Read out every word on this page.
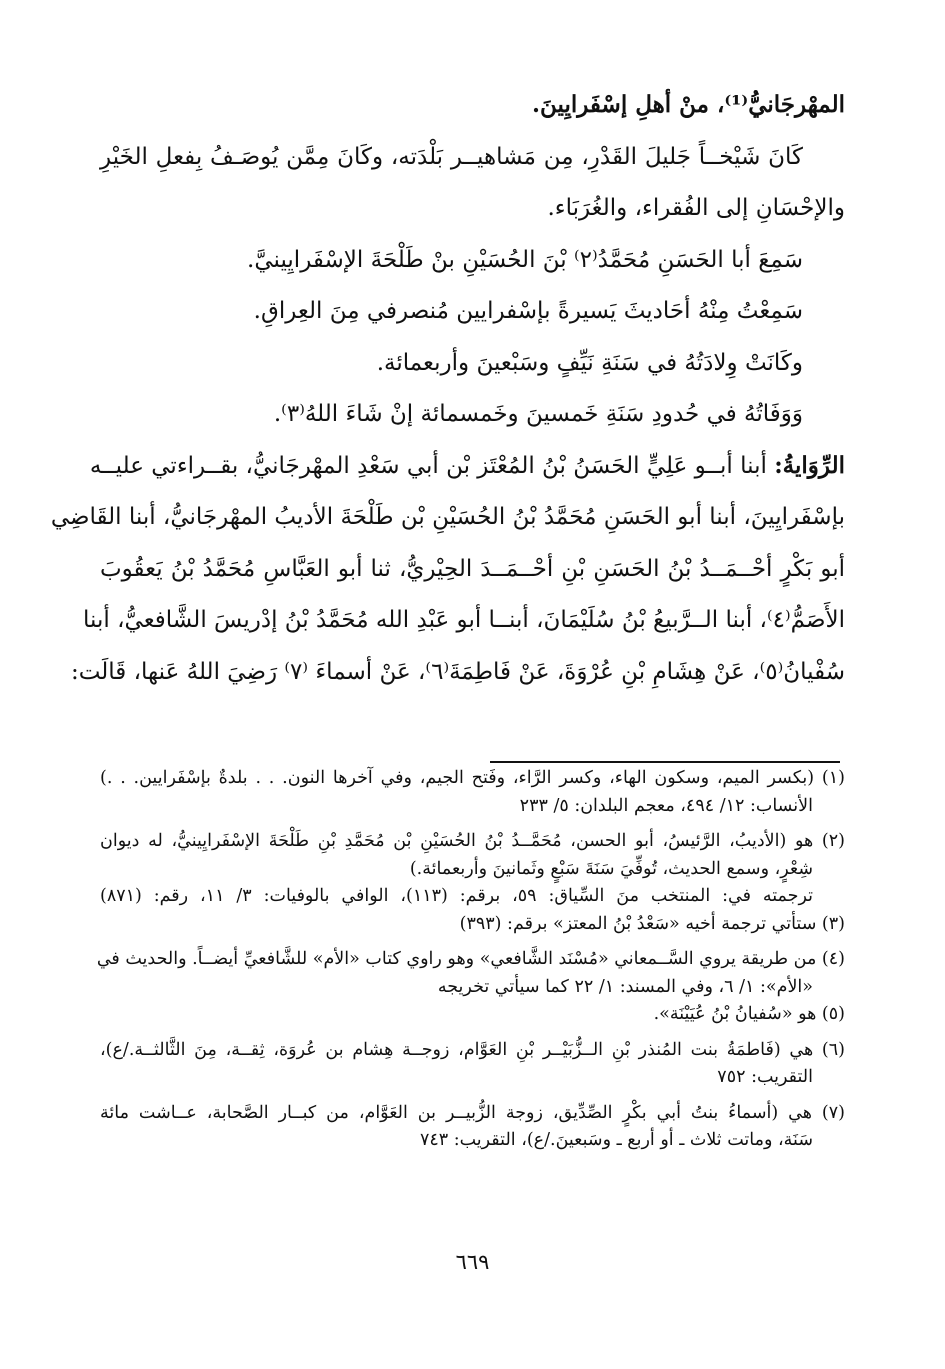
المهْرجَانيُّ⁽¹⁾، منْ أهلِ إسْفَرايِينَ.
كَانَ شَيْخــاً جَليلَ القَدْرِ، مِن مَشاهيــر بَلْدَته، وكَانَ مِمَّن يُوصَـفُ بِفعلِ الخَيْرِ
والإحْسَانِ إلى الفُقراء، والغُرَبَاء.
سَمِعَ أبا الحَسَنِ مُحَمَّدُ⁽٢⁾ بْنَ الحُسَيْنِ بنْ طَلْحَةَ الإسْفَرايِينيَّ.
سَمِعْتُ مِنْهُ أحَاديثَ يَسيرةً بإسْفرايين مُنصرفي مِنَ العِراقِ.
وكَانَتْ وِلادَتُهُ في سَنَةِ نَيِّفٍ وسَبْعينَ وأربعمائة.
وَوَفَاتُهُ في حُدودِ سَنَةِ خَمسينَ وخَمسمائة إنْ شَاءَ اللهُ⁽٣⁾.
الرِّوَايةُ: أبنا أبــو عَلِيٍّ الحَسَنُ بْنُ المُعْتَز بْن أبي سَعْدِ المهْرجَانيُّ، بقــراءتي عليــه
بإسْفَرايِينَ، أبنا أبو الحَسَنِ مُحَمَّدُ بْنُ الحُسَيْنِ بْن طَلْحَةَ الأديبُ المهْرجَانيُّ، أبنا القَاضِي
أبو بَكْرٍ أحْــمَــدُ بْنُ الحَسَنِ بْنِ أحْــمَــدَ الحِيْريُّ، ثنا أبو العَبَّاسِ مُحَمَّدُ بْنُ يَعقُوبَ
الأَصَمُّ⁽٤⁾، أبنا الــرَّبيعُ بْنُ سُلَيْمَانَ، أبنــا أبو عَبْدِ الله مُحَمَّدُ بْنُ إدْريسَ الشَّافعيُّ، أبنا
سُفْيانُ⁽٥⁾، عَنْ هِشَامِ بْنِ عُرْوَةَ، عَنْ فَاطِمَةَ⁽٦⁾، عَنْ أسماءَ ⁽٧⁾ رَضِيَ اللهُ عَنها، قَالَت:
(١) (بكسر الميم، وسكون الهاء، وكسر الرَّاء، وفَتح الجيم، وفي آخرها النون. . . بلدةٌ بإسْفَرايين. . .)
الأنساب: ١٢/ ٤٩٤، معجم البلدان: ٥/ ٢٣٣
(٢) هو (الأديبُ، الرَّئيسُ، أبو الحسن، مُحَمَّــدُ بْنُ الحُسَيْنِ بْن مُحَمَّدِ بْنِ طَلْحَةَ الإسْفَرايِينيُّ، له ديوان
شِعْرٍ، وسمع الحديث، تُوفِّيَ سَنَةَ سَبْعٍ وثَمانينَ وأربعمائة.)
ترجمته في: المنتخب منَ السِّياق: ٥٩، برقم: (١١٣)، الوافي بالوفيات: ٣/ ١١، رقم: (٨٧١)
(٣) ستأتي ترجمة أخيه «سَعْدُ بْنُ المعتز» برقم: (٣٩٣)
(٤) من طريقة يروي السَّــمعاني «مُسْنَد الشَّافعي» وهو راوي كتاب «الأم» للشَّافعيِّ أيضــاً. والحديث في
«الأم»: ١/ ٦، وفي المسند: ١/ ٢٢ كما سيأتي تخريجه
(٥) هو «سُفيانُ بْنُ عُيَيْنَة».
(٦) هي (فَاطمَةُ بنت المُنذر بْنِ الــزُّبَيْــر بْنِ العَوَّام، زوجــة هِشام بن عُروَة، ثِقــة، مِنَ الثَّالثــة./ع)،
التقريب: ٧٥٢
(٧) هي (أسماءُ بنتُ أبي بكْرٍ الصِّدِّيق، زوجة الزُّبيــر بن العَوَّام، من كبــار الصَّحابة، عــاشت مائة
سَنَة، وماتت ثلاث ـ أو أربع ـ وسَبعينَ./ع)، التقريب: ٧٤٣
٦٦٩
